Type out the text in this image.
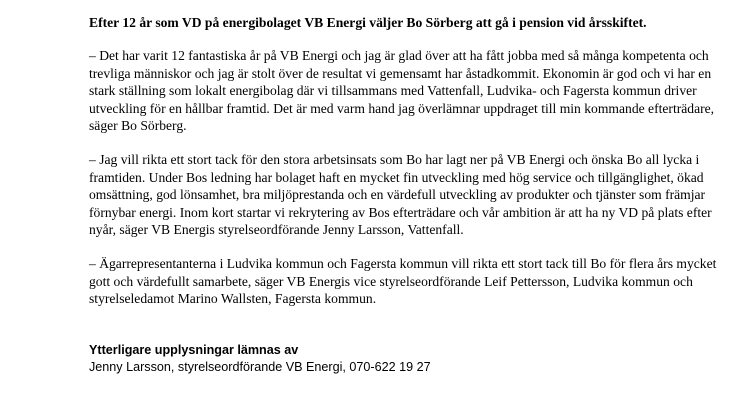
Efter 12 år som VD på energibolaget VB Energi väljer Bo Sörberg att gå i pension vid årsskiftet.

– Det har varit 12 fantastiska år på VB Energi och jag är glad över att ha fått jobba med så många kompetenta och trevliga människor och jag är stolt över de resultat vi gemensamt har åstadkommit. Ekonomin är god och vi har en stark ställning som lokalt energibolag där vi tillsammans med Vattenfall, Ludvika- och Fagersta kommun driver utveckling för en hållbar framtid. Det är med varm hand jag överlämnar uppdraget till min kommande efterträdare, säger Bo Sörberg.

– Jag vill rikta ett stort tack för den stora arbetsinsats som Bo har lagt ner på VB Energi och önska Bo all lycka i framtiden. Under Bos ledning har bolaget haft en mycket fin utveckling med hög service och tillgänglighet, ökad omsättning, god lönsamhet, bra miljöprestanda och en värdefull utveckling av produkter och tjänster som främjar förnybar energi. Inom kort startar vi rekrytering av Bos efterträdare och vår ambition är att ha ny VD på plats efter nyår, säger VB Energis styrelseordförande Jenny Larsson, Vattenfall.

– Ägarrepresentanterna i Ludvika kommun och Fagersta kommun vill rikta ett stort tack till Bo för flera års mycket gott och värdefullt samarbete, säger VB Energis vice styrelseordförande Leif Pettersson, Ludvika kommun och styrelseledamot Marino Wallsten, Fagersta kommun.

Ytterligare upplysningar lämnas av

Jenny Larsson, styrelseordförande VB Energi, 070-622 19 27
